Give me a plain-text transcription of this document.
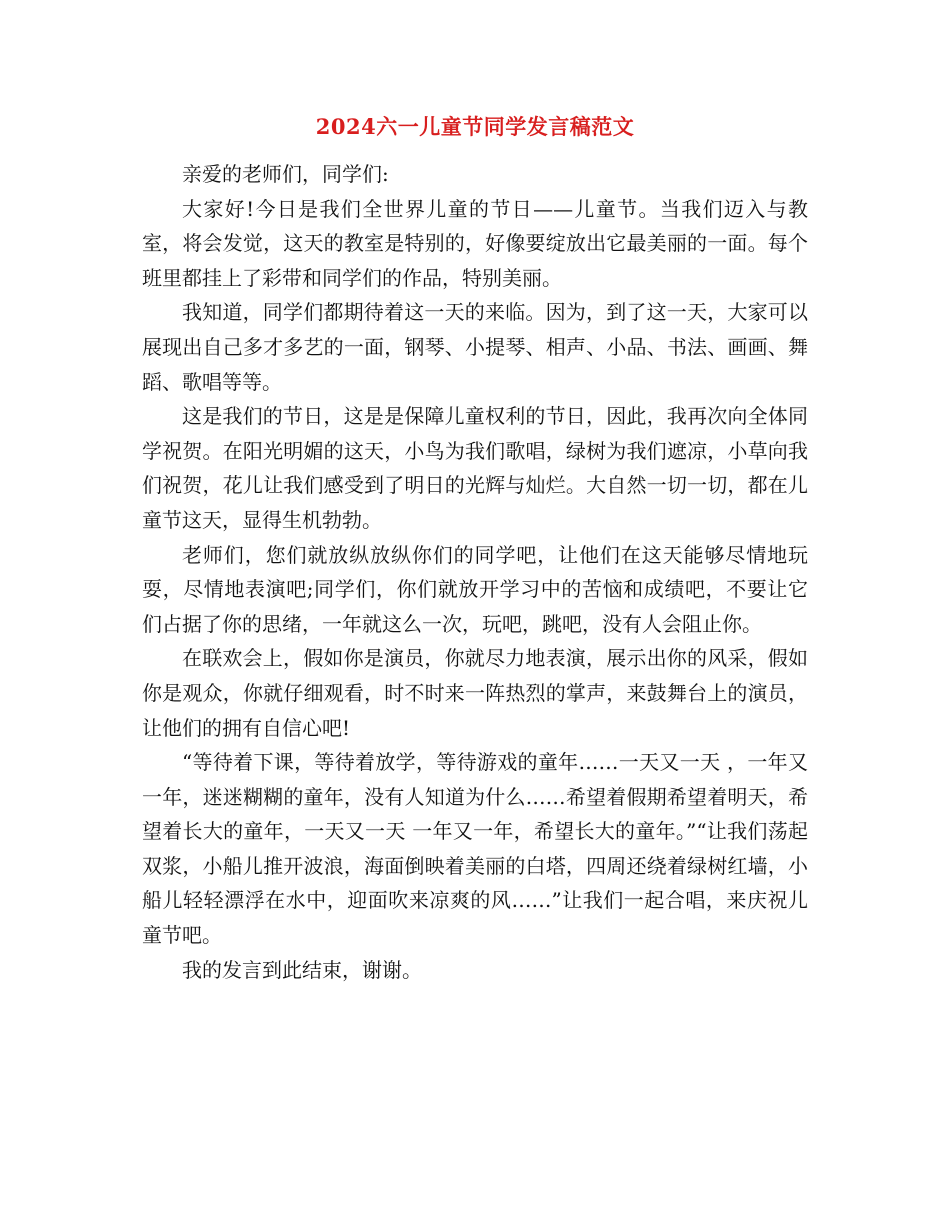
2024六一儿童节同学发言稿范文

亲爱的老师们，同学们:

大家好!今日是我们全世界儿童的节日——儿童节。当我们迈入与教室，将会发觉，这天的教室是特别的，好像要绽放出它最美丽的一面。每个班里都挂上了彩带和同学们的作品，特别美丽。

我知道，同学们都期待着这一天的来临。因为，到了这一天，大家可以展现出自己多才多艺的一面，钢琴、小提琴、相声、小品、书法、画画、舞蹈、歌唱等等。

这是我们的节日，这是是保障儿童权利的节日，因此，我再次向全体同学祝贺。在阳光明媚的这天，小鸟为我们歌唱，绿树为我们遮凉，小草向我们祝贺，花儿让我们感受到了明日的光辉与灿烂。大自然一切一切，都在儿童节这天，显得生机勃勃。

老师们，您们就放纵放纵你们的同学吧，让他们在这天能够尽情地玩耍，尽情地表演吧;同学们，你们就放开学习中的苦恼和成绩吧，不要让它们占据了你的思绪，一年就这么一次，玩吧，跳吧，没有人会阻止你。

在联欢会上，假如你是演员，你就尽力地表演，展示出你的风采，假如你是观众，你就仔细观看，时不时来一阵热烈的掌声，来鼓舞台上的演员，让他们的拥有自信心吧!

“等待着下课，等待着放学，等待游戏的童年……一天又一天 ，一年又一年，迷迷糊糊的童年，没有人知道为什么……希望着假期希望着明天，希望着长大的童年，一天又一天 一年又一年，希望长大的童年。”“让我们荡起双浆，小船儿推开波浪，海面倒映着美丽的白塔，四周还绕着绿树红墙，小船儿轻轻漂浮在水中，迎面吹来凉爽的风……”让我们一起合唱，来庆祝儿童节吧。

我的发言到此结束，谢谢。
